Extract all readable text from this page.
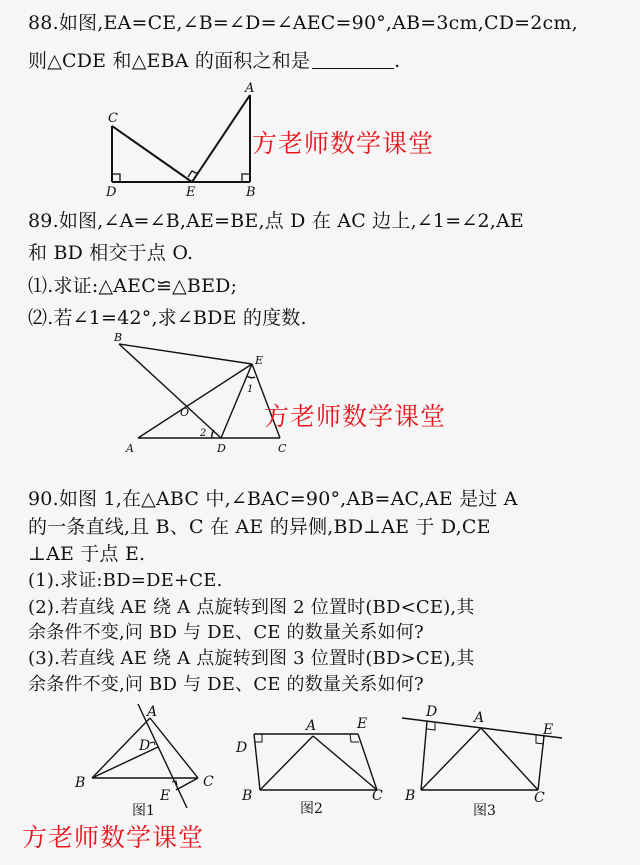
88.如图,EA=CE,∠B=∠D=∠AEC=90°,AB=3cm,CD=2cm,
则△CDE 和△EBA 的面积之和是	.
C
D	E	B
A
方老师数学课堂
89.如图,∠A=∠B,AE=BE,点 D 在 AC 边上,∠1=∠2,AE
和 BD 相交于点 O.
⑴.求证:△AEC≌△BED;
⑵.若∠1=42°,求∠BDE 的度数.
B
E
O
1
2
A	D	C
方老师数学课堂
90.如图 1,在△ABC 中,∠BAC=90°,AB=AC,AE 是过 A
的一条直线,且 B、C 在 AE 的异侧,BD⊥AE 于 D,CE
⊥AE 于点 E.
(1).求证:BD=DE+CE.
(2).若直线 AE 绕 A 点旋转到图 2 位置时(BD<CE),其
余条件不变,问 BD 与 DE、CE 的数量关系如何?
(3).若直线 AE 绕 A 点旋转到图 3 位置时(BD>CE),其
余条件不变,问 BD 与 DE、CE 的数量关系如何?
A
D
B	C
E
图1
A	E
D
B	C
图2
D	A
E
B	C
图3
方老师数学课堂
